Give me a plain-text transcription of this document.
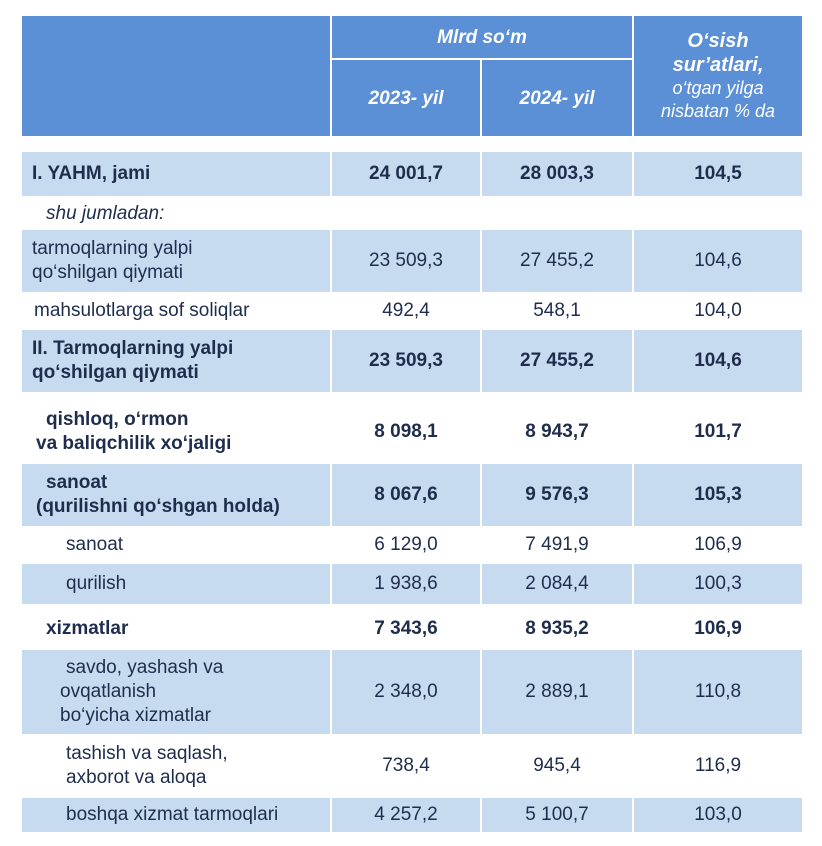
Mlrd so‘m
2023- yil	2024- yil
O‘sish
sur’atlari,
o‘tgan yilga
nisbatan % da
I. YAHM, jami	24 001,7	28 003,3	104,5
shu jumladan:
tarmoqlarning yalpi
qo‘shilgan qiymati
23 509,3	27 455,2	104,6
mahsulotlarga sof soliqlar	492,4	548,1	104,0
II. Tarmoqlarning yalpi
qo‘shilgan qiymati
23 509,3	27 455,2	104,6
qishloq, o‘rmon
va baliqchilik xo‘jaligi
8 098,1	8 943,7	101,7
sanoat
(qurilishni qo‘shgan holda)
8 067,6	9 576,3	105,3
sanoat	6 129,0	7 491,9	106,9
qurilish	1 938,6	2 084,4	100,3
xizmatlar	7 343,6	8 935,2	106,9
savdo, yashash va
ovqatlanish
bo‘yicha xizmatlar
2 348,0	2 889,1	110,8
tashish va saqlash,
axborot va aloqa
738,4	945,4	116,9
boshqa xizmat tarmoqlari	4 257,2	5 100,7	103,0
